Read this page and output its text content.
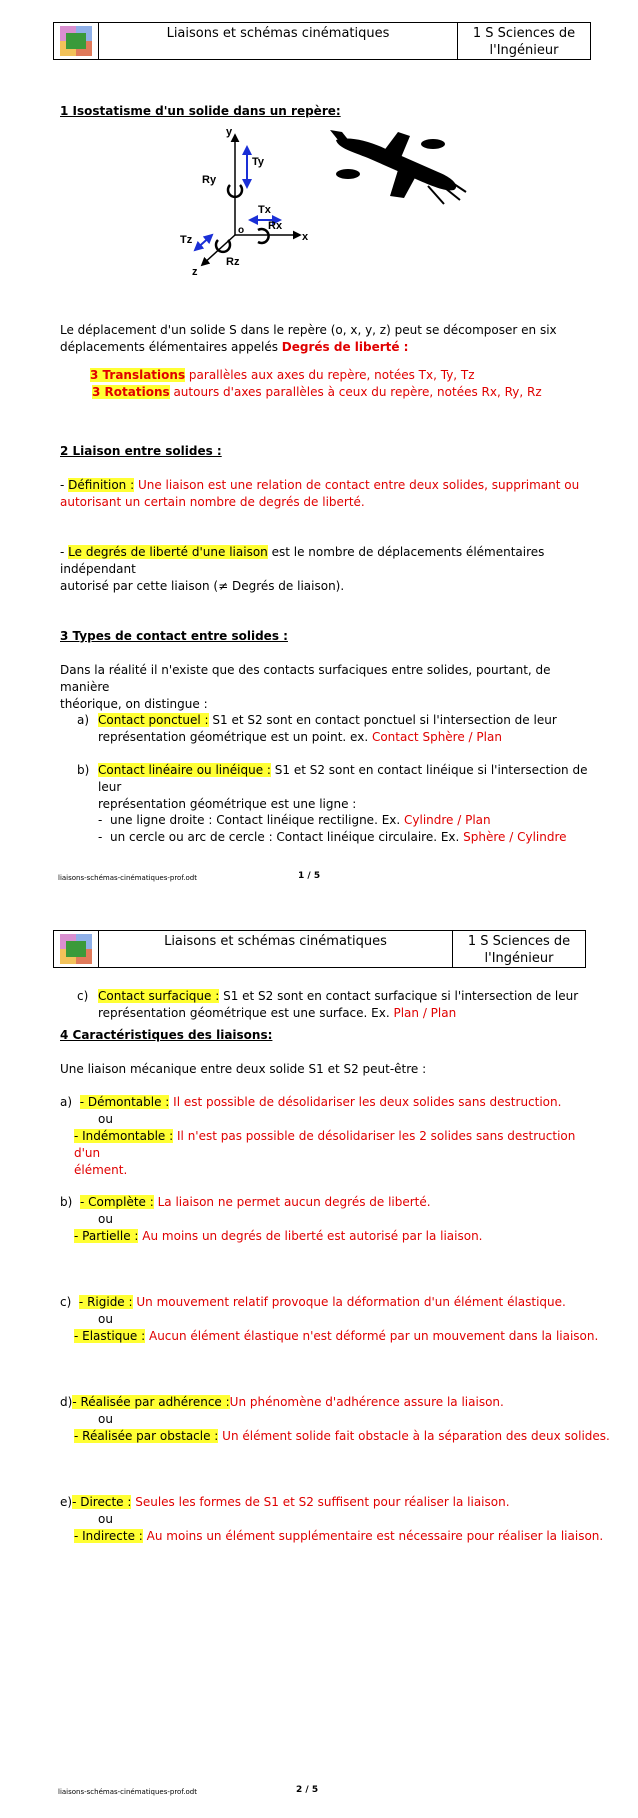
Liaisons et schémas cinématiques	1 S Sciences de
l'Ingénieur
1 Isostatisme d'un solide dans un repère:
y
Ty
Ry
Tx
Rx
o
x
Tz
z
Rz
Le déplacement d'un solide S dans le repère (o, x, y, z) peut se décomposer en six
déplacements élémentaires appelés Degrés de liberté :
3 Translations parallèles aux axes du repère, notées Tx, Ty, Tz
3 Rotations autours d'axes parallèles à ceux du repère, notées Rx, Ry, Rz
2 Liaison entre solides :
- Définition : Une liaison est une relation de contact entre deux solides, supprimant ou
autorisant un certain nombre de degrés de liberté.
- Le degrés de liberté d'une liaison est le nombre de déplacements élémentaires indépendant
autorisé par cette liaison (≠ Degrés de liaison).
3 Types de contact entre solides :
Dans la réalité il n'existe que des contacts surfaciques entre solides, pourtant, de manière
théorique, on distingue :
a) Contact ponctuel : S1 et S2 sont en contact ponctuel si l'intersection de leur
représentation géométrique est un point. ex. Contact Sphère / Plan
b) Contact linéaire ou linéique : S1 et S2 sont en contact linéique si l'intersection de leur
représentation géométrique est une ligne :
-  une ligne droite : Contact linéique rectiligne. Ex. Cylindre / Plan
-  un cercle ou arc de cercle : Contact linéique circulaire. Ex. Sphère / Cylindre
liaisons-schémas-cinématiques-prof.odt	1 / 5
Liaisons et schémas cinématiques	1 S Sciences de
l'Ingénieur
c) Contact surfacique : S1 et S2 sont en contact surfacique si l'intersection de leur
représentation géométrique est une surface. Ex. Plan / Plan
4 Caractéristiques des liaisons:
Une liaison mécanique entre deux solide S1 et S2 peut-être :
a) - Démontable : Il est possible de désolidariser les deux solides sans destruction.
ou
- Indémontable : Il n'est pas possible de désolidariser les 2 solides sans destruction d'un
élément.
b) - Complète : La liaison ne permet aucun degrés de liberté.
ou
- Partielle : Au moins un degrés de liberté est autorisé par la liaison.
c) - Rigide : Un mouvement relatif provoque la déformation d'un élément élastique.
ou
- Elastique : Aucun élément élastique n'est déformé par un mouvement dans la liaison.
d)- Réalisée par adhérence :Un phénomène d'adhérence assure la liaison.
ou
- Réalisée par obstacle : Un élément solide fait obstacle à la séparation des deux solides.
e)- Directe : Seules les formes de S1 et S2 suffisent pour réaliser la liaison.
ou
- Indirecte : Au moins un élément supplémentaire est nécessaire pour réaliser la liaison.
liaisons-schémas-cinématiques-prof.odt	2 / 5
